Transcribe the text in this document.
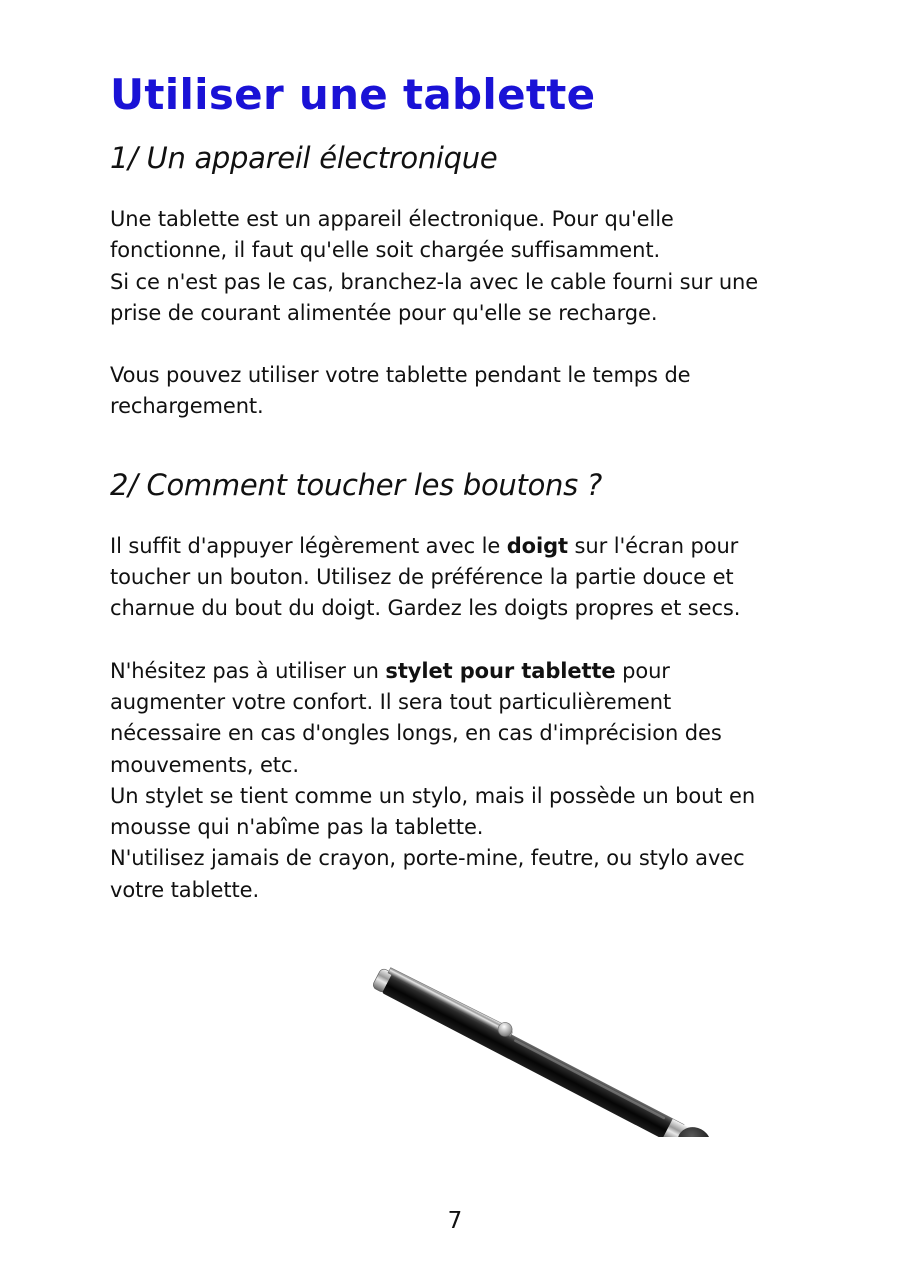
Utiliser une tablette
1/ Un appareil électronique

Une tablette est un appareil électronique. Pour qu'elle
fonctionne, il faut qu'elle soit chargée suffisamment.
Si ce n'est pas le cas, branchez-la avec le cable fourni sur une
prise de courant alimentée pour qu'elle se recharge.

Vous pouvez utiliser votre tablette pendant le temps de
rechargement.

2/ Comment toucher les boutons ?

Il suffit d'appuyer légèrement avec le doigt sur l'écran pour
toucher un bouton. Utilisez de préférence la partie douce et
charnue du bout du doigt. Gardez les doigts propres et secs.

N'hésitez pas à utiliser un stylet pour tablette pour
augmenter votre confort. Il sera tout particulièrement
nécessaire en cas d'ongles longs, en cas d'imprécision des
mouvements, etc.
Un stylet se tient comme un stylo, mais il possède un bout en
mousse qui n'abîme pas la tablette.
N'utilisez jamais de crayon, porte-mine, feutre, ou stylo avec
votre tablette.

7
